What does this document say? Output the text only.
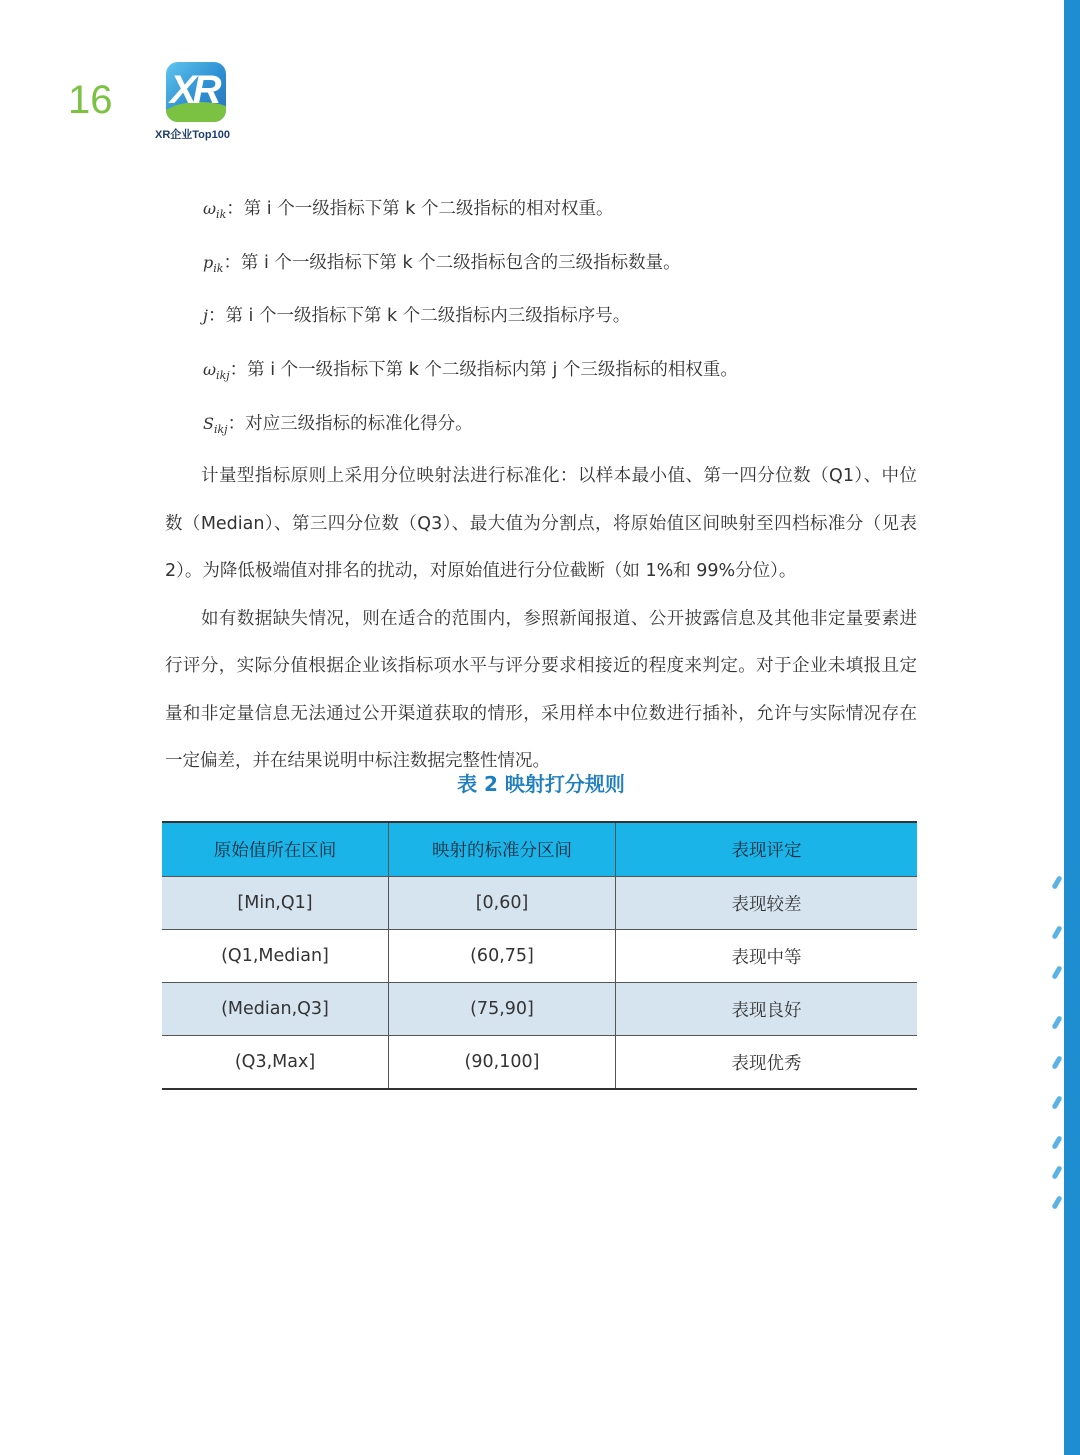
16 XR
XR企业Top100
$\omega_{ik}$：第 i 个一级指标下第 k 个二级指标的相对权重。
$p_{ik}$：第 i 个一级指标下第 k 个二级指标包含的三级指标数量。
j：第 i 个一级指标下第 k 个二级指标内三级指标序号。
$\omega_{ikj}$：第 i 个一级指标下第 k 个二级指标内第 j 个三级指标的相权重。
$S_{ikj}$：对应三级指标的标准化得分。
计量型指标原则上采用分位映射法进行标准化：以样本最小值、第一四分位数（Q1）、中位数（Median）、第三四分位数（Q3）、最大值为分割点，将原始值区间映射至四档标准分（见表 2）。为降低极端值对排名的扰动，对原始值进行分位截断（如 1%和 99%分位）。
如有数据缺失情况，则在适合的范围内，参照新闻报道、公开披露信息及其他非定量要素进行评分，实际分值根据企业该指标项水平与评分要求相接近的程度来判定。对于企业未填报且定量和非定量信息无法通过公开渠道获取的情形，采用样本中位数进行插补，允许与实际情况存在一定偏差，并在结果说明中标注数据完整性情况。
表 2 映射打分规则
原始值所在区间	映射的标准分区间	表现评定
[Min,Q1]	[0,60]	表现较差
(Q1,Median]	(60,75]	表现中等
(Median,Q3]	(75,90]	表现良好
(Q3,Max]	(90,100]	表现优秀
